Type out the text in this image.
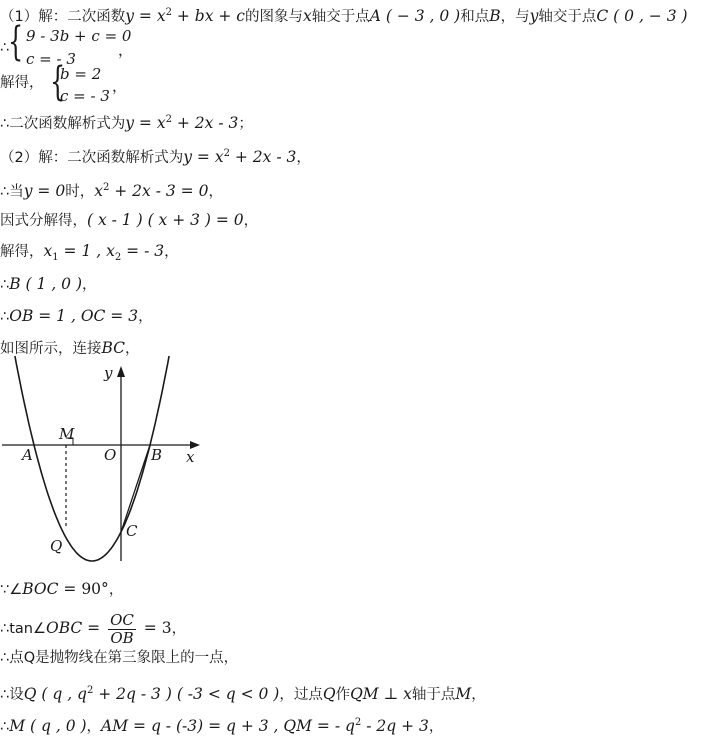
（1）解：二次函数$y = x^2$ + bx + c的图象与x轴交于点A ( − 3 , 0 )和点B，与y轴交于点C ( 0 , − 3 )
∴
{ 9 - 3b + c = 0
c = - 3	，
解得， {
b = 2
c = - 3
，
∴二次函数解析式为$y = x^2 + 2x - 3$；
（2）解：二次函数解析式为$y = x^2 + 2x - 3$，
∴当y = 0时，$x^2 + 2x - 3 = 0$，
因式分解得，( x - 1 ) ( x + 3 ) = 0，
解得，$x_1 = 1$ , $x_2$ = - 3，
∴B ( 1 , 0 )，
∴OB = 1 , OC = 3，
如图所示，连接BC，
y
x
M
A	O B
C
Q
∵∠BOC = 90°，
∴tan∠OBC = $\frac{OC}{OB} = 3$，
∴点Q是抛物线在第三象限上的一点，
∴设Q ( q , $q^2 + 2q - 3$ ) ( -3 < q < 0 )，过点Q作QM ⊥ x轴于点M，
∴M ( q , 0 )，AM = q - (-3) = q + 3 , QM = - $q^2 - 2q + 3$，
